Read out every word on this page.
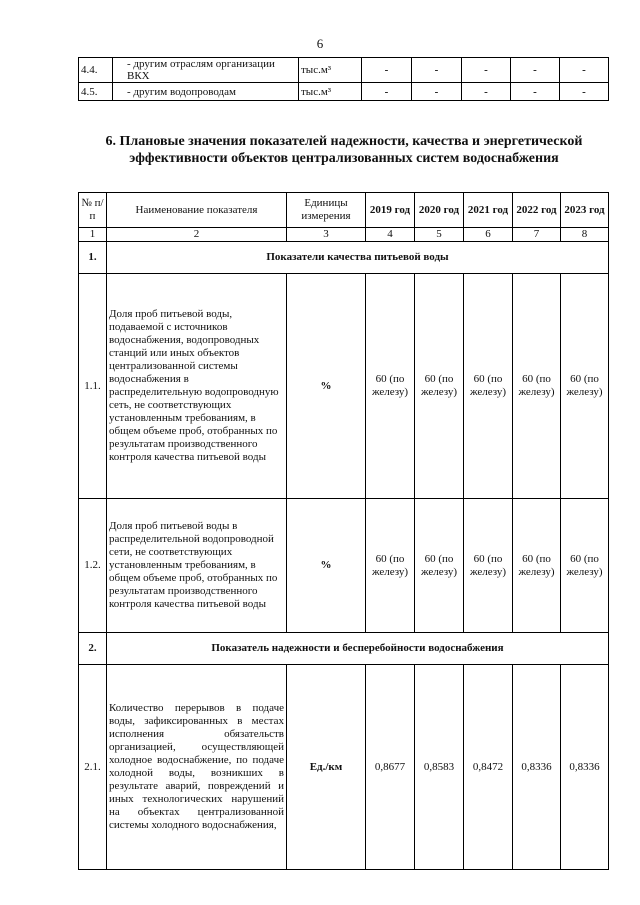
6
4.4.	- другим отраслям организации ВКХ	тыс.м³	-	-	-	-	-
4.5.	- другим водопроводам	тыс.м³	-	-	-	-	-
6. Плановые значения показателей надежности, качества и энергетической эффективности объектов централизованных систем водоснабжения
№ п/п	Наименование показателя	Единицы измерения	2019 год	2020 год	2021 год	2022 год	2023 год
1	2	3	4	5	6	7	8
1.	Показатели качества питьевой воды						
1.1.	Доля проб питьевой воды, подаваемой с источников водоснабжения, водопроводных станций или иных объектов централизованной системы водоснабжения в распределительную водопроводную сеть, не соответствующих установленным требованиям, в общем объеме проб, отобранных по результатам производственного контроля качества питьевой воды	%	60 (по железу)	60 (по железу)	60 (по железу)	60 (по железу)	60 (по железу)
1.2.	Доля проб питьевой воды в распределительной водопроводной сети, не соответствующих установленным требованиям, в общем объеме проб, отобранных по результатам производственного контроля качества питьевой воды	%	60 (по железу)	60 (по железу)	60 (по железу)	60 (по железу)	60 (по железу)
2.	Показатель надежности и бесперебойности водоснабжения						
2.1.	Количество перерывов в подаче воды, зафиксированных в местах исполнения обязательств организацией, осуществляющей холодное водоснабжение, по подаче холодной воды, возникших в результате аварий, повреждений и иных технологических нарушений на объектах централизованной системы холодного водоснабжения,	Ед./км	0,8677	0,8583	0,8472	0,8336	0,8336
